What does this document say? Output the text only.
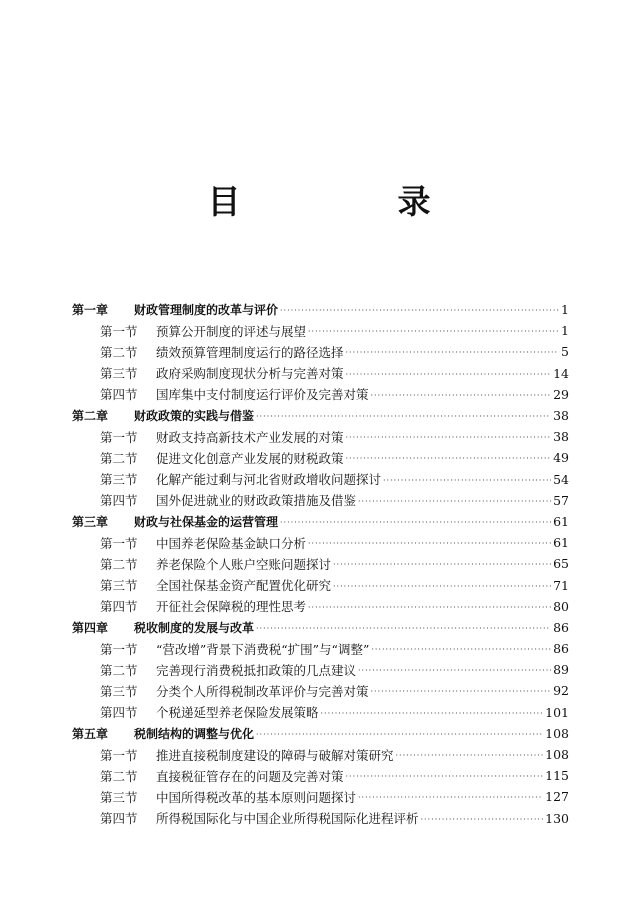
目　录
第一章	财政管理制度的改革与评价 ·····	1
第一节	预算公开制度的评述与展望 ·····	1
第二节	绩效预算管理制度运行的路径选择 ·····	5
第三节	政府采购制度现状分析与完善对策 ·····	14
第四节	国库集中支付制度运行评价及完善对策 ·····	29
第二章	财政政策的实践与借鉴 ·····	38
第一节	财政支持高新技术产业发展的对策 ·····	38
第二节	促进文化创意产业发展的财税政策 ·····	49
第三节	化解产能过剩与河北省财政增收问题探讨 ·····	54
第四节	国外促进就业的财政政策措施及借鉴 ·····	57
第三章	财政与社保基金的运营管理 ·····	61
第一节	中国养老保险基金缺口分析 ·····	61
第二节	养老保险个人账户空账问题探讨 ·····	65
第三节	全国社保基金资产配置优化研究 ·····	71
第四节	开征社会保障税的理性思考 ·····	80
第四章	税收制度的发展与改革 ·····	86
第一节	“营改增”背景下消费税“扩围”与“调整” ·····	86
第二节	完善现行消费税抵扣政策的几点建议 ·····	89
第三节	分类个人所得税制改革评价与完善对策 ·····	92
第四节	个税递延型养老保险发展策略 ·····	101
第五章	税制结构的调整与优化 ·····	108
第一节	推进直接税制度建设的障碍与破解对策研究 ·····	108
第二节	直接税征管存在的问题及完善对策 ·····	115
第三节	中国所得税改革的基本原则问题探讨 ·····	127
第四节	所得税国际化与中国企业所得税国际化进程评析 ·····	130
